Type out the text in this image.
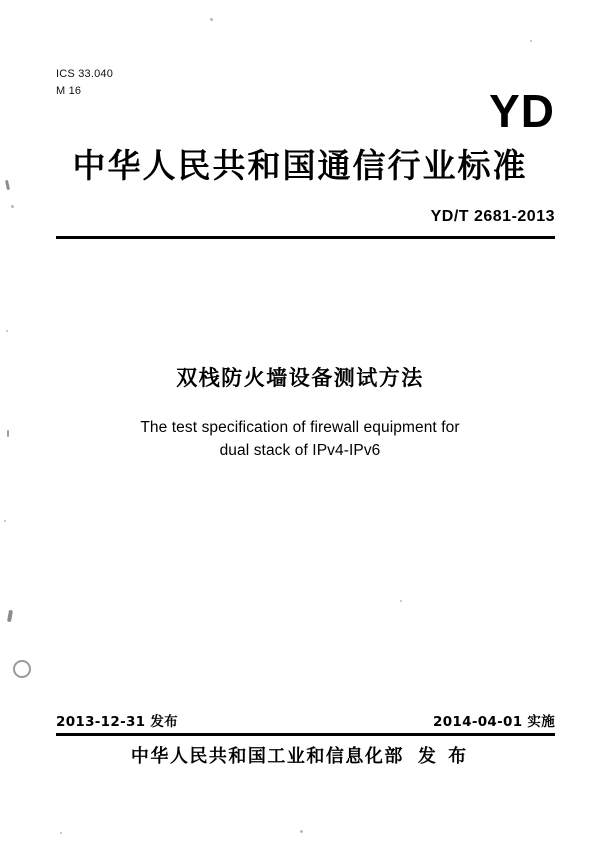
ICS 33.040
M 16	YD
中华人民共和国通信行业标准
YD/T 2681-2013
双栈防火墙设备测试方法
The test specification of firewall equipment for
dual stack of IPv4-IPv6
2013-12-31 发布	2014-04-01 实施
中华人民共和国工业和信息化部 发 布
